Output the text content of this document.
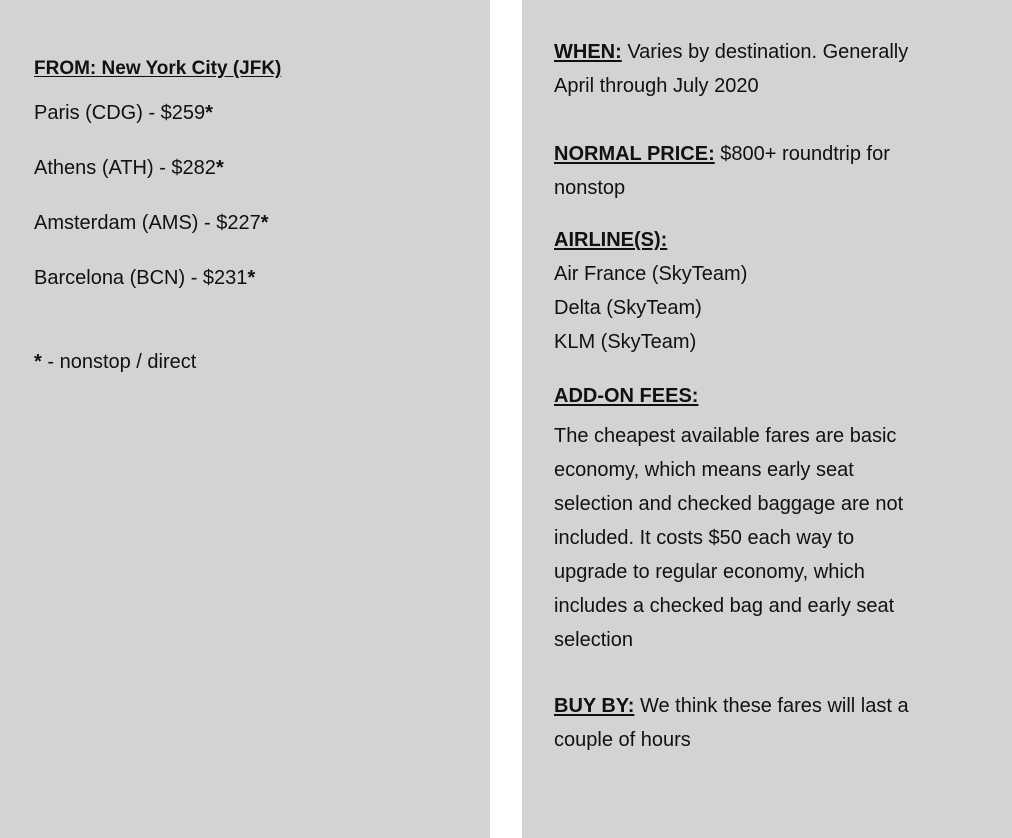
FROM: New York City (JFK)

Paris (CDG) - $259*

Athens (ATH) - $282*

Amsterdam (AMS) - $227*

Barcelona (BCN) - $231*

* - nonstop / direct

WHEN: Varies by destination. Generally

April through July 2020

NORMAL PRICE: $800+ roundtrip for

nonstop

AIRLINE(S):

Air France (SkyTeam)

Delta (SkyTeam)

KLM (SkyTeam)

ADD-ON FEES:

The cheapest available fares are basic

economy, which means early seat

selection and checked baggage are not

included. It costs $50 each way to

upgrade to regular economy, which

includes a checked bag and early seat

selection

BUY BY: We think these fares will last a

couple of hours
